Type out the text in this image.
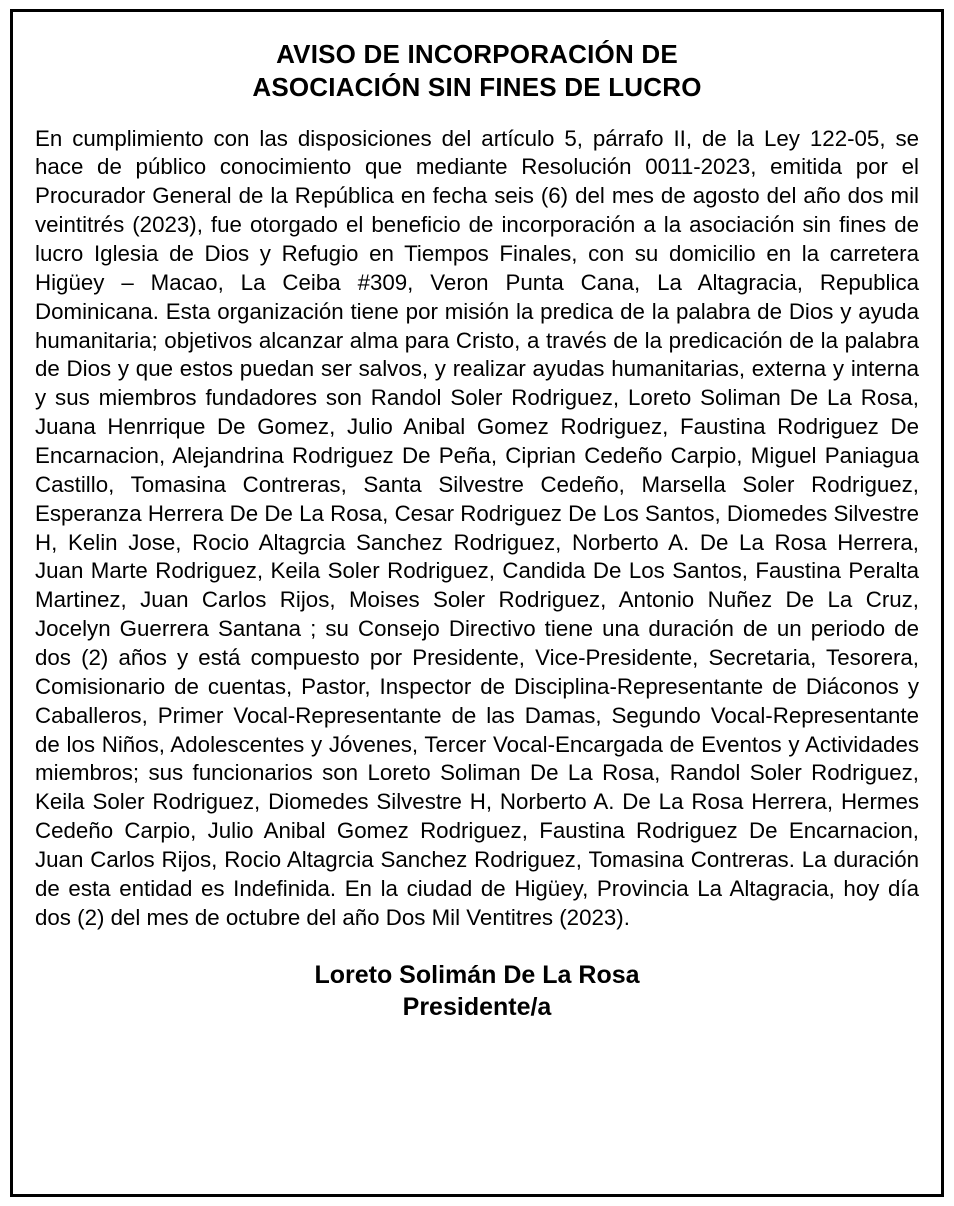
AVISO DE INCORPORACIÓN DE
ASOCIACIÓN SIN FINES DE LUCRO

En cumplimiento con las disposiciones del artículo 5, párrafo II, de la Ley 122-05, se hace de público conocimiento que mediante Resolución 0011-2023, emitida por el Procurador General de la República en fecha seis (6) del mes de agosto del año dos mil veintitrés (2023), fue otorgado el beneficio de incorporación a la asociación sin fines de lucro Iglesia de Dios y Refugio en Tiempos Finales, con su domicilio en la carretera Higüey – Macao, La Ceiba #309, Veron Punta Cana, La Altagracia, Republica Dominicana. Esta organización tiene por misión la predica de la palabra de Dios y ayuda humanitaria; objetivos alcanzar alma para Cristo, a través de la predicación de la palabra de Dios y que estos puedan ser salvos, y realizar ayudas humanitarias, externa y interna y sus miembros fundadores son Randol Soler Rodriguez, Loreto Soliman De La Rosa, Juana Henrrique De Gomez, Julio Anibal Gomez Rodriguez, Faustina Rodriguez De Encarnacion, Alejandrina Rodriguez De Peña, Ciprian Cedeño Carpio, Miguel Paniagua Castillo, Tomasina Contreras, Santa Silvestre Cedeño, Marsella Soler Rodriguez, Esperanza Herrera De De La Rosa, Cesar Rodriguez De Los Santos, Diomedes Silvestre H, Kelin Jose, Rocio Altagrcia Sanchez Rodriguez, Norberto A. De La Rosa Herrera, Juan Marte Rodriguez, Keila Soler Rodriguez, Candida De Los Santos, Faustina Peralta Martinez, Juan Carlos Rijos, Moises Soler Rodriguez, Antonio Nuñez De La Cruz, Jocelyn Guerrera Santana ; su Consejo Directivo tiene una duración de un periodo de dos (2) años y está compuesto por Presidente, Vice-Presidente, Secretaria, Tesorera, Comisionario de cuentas, Pastor, Inspector de Disciplina-Representante de Diáconos y Caballeros, Primer Vocal-Representante de las Damas, Segundo Vocal-Representante de los Niños, Adolescentes y Jóvenes, Tercer Vocal-Encargada de Eventos y Actividades miembros; sus funcionarios son Loreto Soliman De La Rosa, Randol Soler Rodriguez, Keila Soler Rodriguez, Diomedes Silvestre H, Norberto A. De La Rosa Herrera, Hermes Cedeño Carpio, Julio Anibal Gomez Rodriguez, Faustina Rodriguez De Encarnacion, Juan Carlos Rijos, Rocio Altagrcia Sanchez Rodriguez, Tomasina Contreras. La duración de esta entidad es Indefinida. En la ciudad de Higüey, Provincia La Altagracia, hoy día dos (2) del mes de octubre del año Dos Mil Ventitres (2023).

Loreto Solimán De La Rosa
Presidente/a
